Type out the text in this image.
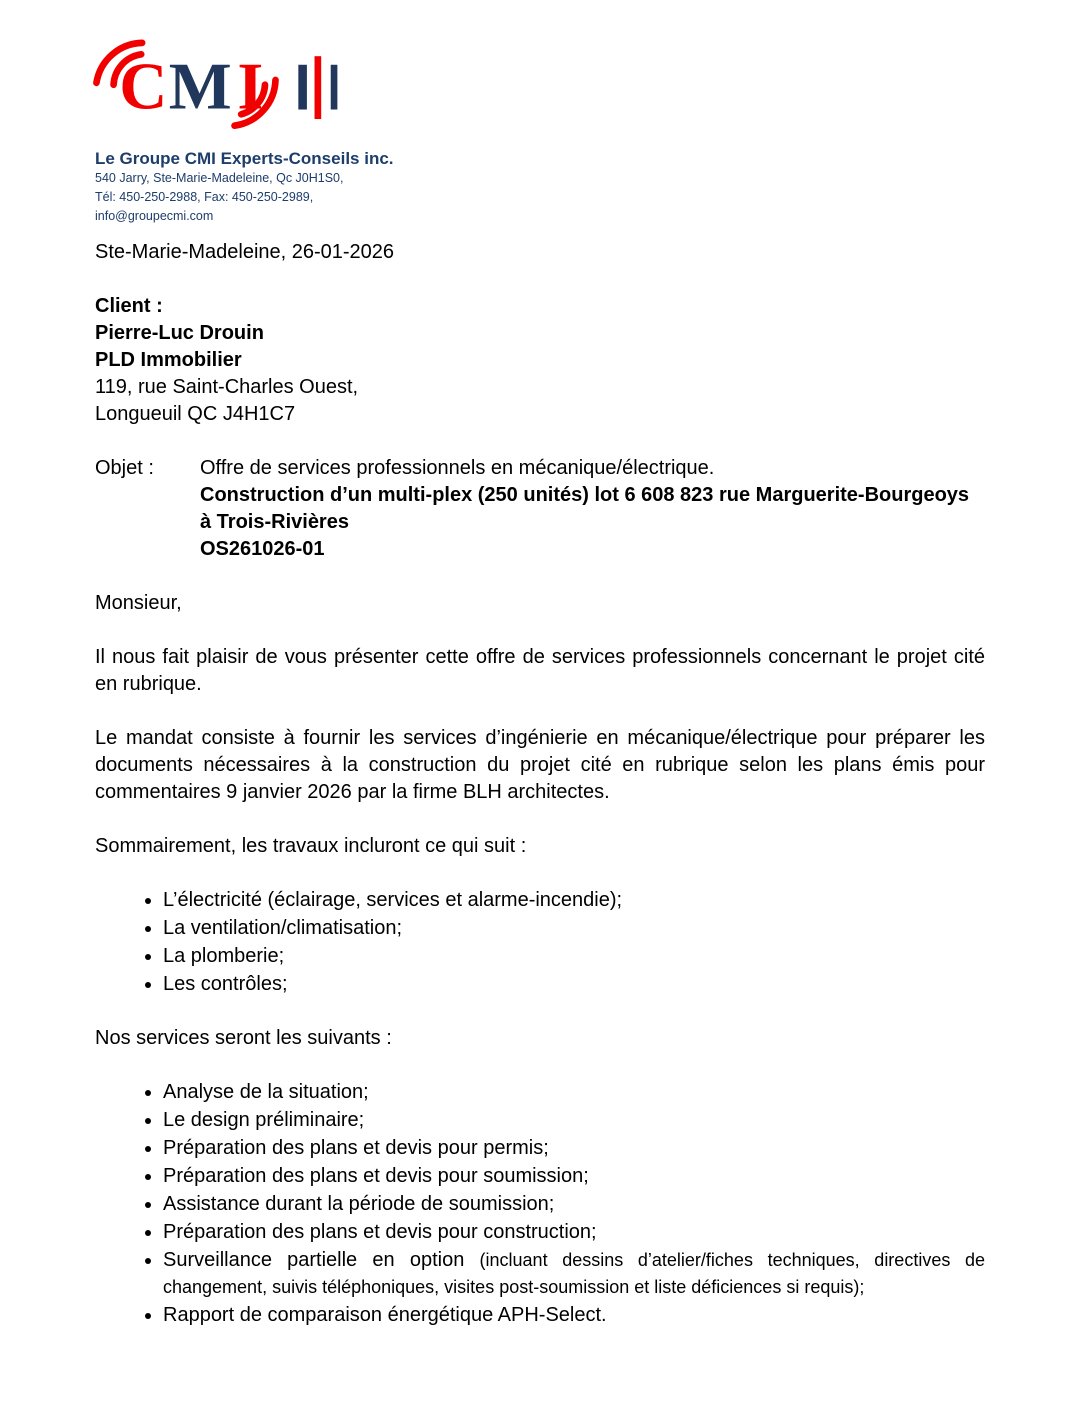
C M I
Le Groupe CMI Experts-Conseils inc.
540 Jarry, Ste-Marie-Madeleine, Qc J0H1S0,
Tél: 450-250-2988, Fax: 450-250-2989,
info@groupecmi.com
Ste-Marie-Madeleine, 26-01-2026
Client :
Pierre-Luc Drouin
PLD Immobilier
119, rue Saint-Charles Ouest,
Longueuil QC J4H1C7
Objet :	Offre de services professionnels en mécanique/électrique.
Construction d’un multi-plex (250 unités) lot 6 608 823 rue Marguerite-Bourgeoys à Trois-Rivières
OS261026-01
Monsieur,

Il nous fait plaisir de vous présenter cette offre de services professionnels concernant le projet cité en rubrique.

Le mandat consiste à fournir les services d’ingénierie en mécanique/électrique pour préparer les documents nécessaires à la construction du projet cité en rubrique selon les plans émis pour commentaires 9 janvier 2026 par la firme BLH architectes.

Sommairement, les travaux incluront ce qui suit :

• L’électricité (éclairage, services et alarme-incendie);
• La ventilation/climatisation;
• La plomberie;
• Les contrôles;

Nos services seront les suivants :

• Analyse de la situation;
• Le design préliminaire;
• Préparation des plans et devis pour permis;
• Préparation des plans et devis pour soumission;
• Assistance durant la période de soumission;
• Préparation des plans et devis pour construction;
• Surveillance partielle en option (incluant dessins d’atelier/fiches techniques, directives de changement, suivis téléphoniques, visites post-soumission et liste déficiences si requis);
• Rapport de comparaison énergétique APH-Select.
